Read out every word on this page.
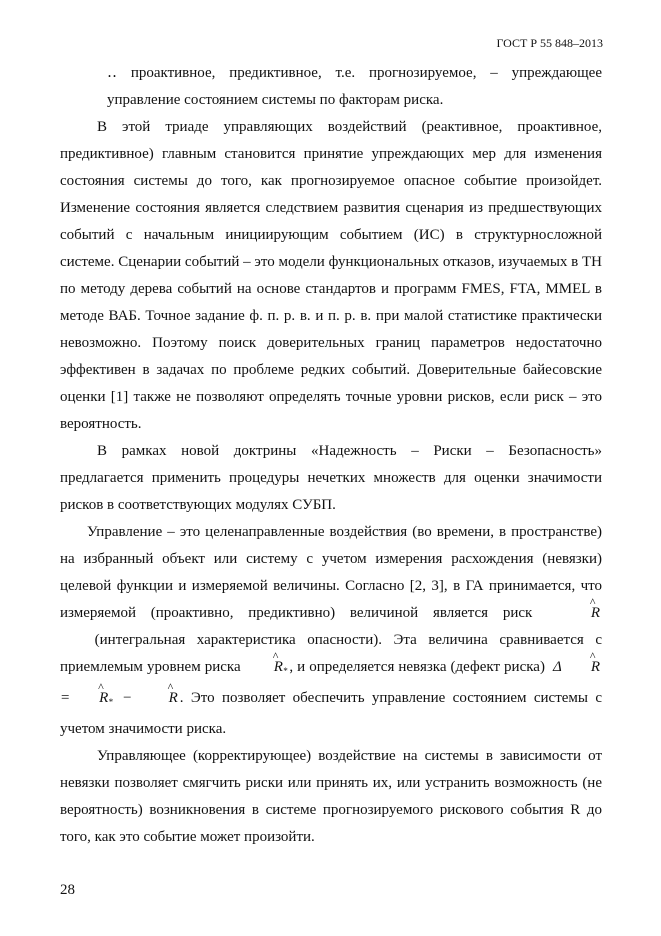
ГОСТ Р 55 848–2013

‥ проактивное, предиктивное, т.е. прогнозируемое, – упреждающее управление состоянием системы по факторам риска.

В этой триаде управляющих воздействий (реактивное, проактивное, предиктивное) главным становится принятие упреждающих мер для изменения состояния системы до того, как прогнозируемое опасное событие произойдет. Изменение состояния является следствием развития сценария из предшествующих событий с начальным инициирующим событием (ИС) в структурносложной системе. Сценарии событий – это модели функциональных отказов, изучаемых в ТН по методу дерева событий на основе стандартов и программ FMES, FTA, MMEL в методе ВАБ. Точное задание ф. п. р. в. и п. р. в. при малой статистике практически невозможно. Поэтому поиск доверительных границ параметров недостаточно эффективен в задачах по проблеме редких событий. Доверительные байесовские оценки [1] также не позволяют определять точные уровни рисков, если риск – это вероятность.

В рамках новой доктрины «Надежность – Риски – Безопасность» предлагается применить процедуры нечетких множеств для оценки значимости рисков в соответствующих модулях СУБП.

Управление – это целенаправленные воздействия (во времени, в пространстве) на избранный объект или систему с учетом измерения расхождения (невязки) целевой функции и измеряемой величины. Согласно [2, 3], в ГА принимается, что измеряемой (проактивно, предиктивно) величиной является риск	^ R   (интегральная характеристика опасности). Эта величина сравнивается с приемлемым уровнем риска ^ $R_*$ , и определяется невязка (дефект риска) Δ ^ R= ^ $R_*$ − ^ R . Это позволяет обеспечить управление состоянием системы с учетом значимости риска.

Управляющее (корректирующее) воздействие на системы в зависимости от невязки позволяет смягчить риски или принять их, или устранить возможность (не вероятность) возникновения в системе прогнозируемого рискового события R до того, как это событие может произойти.

28
